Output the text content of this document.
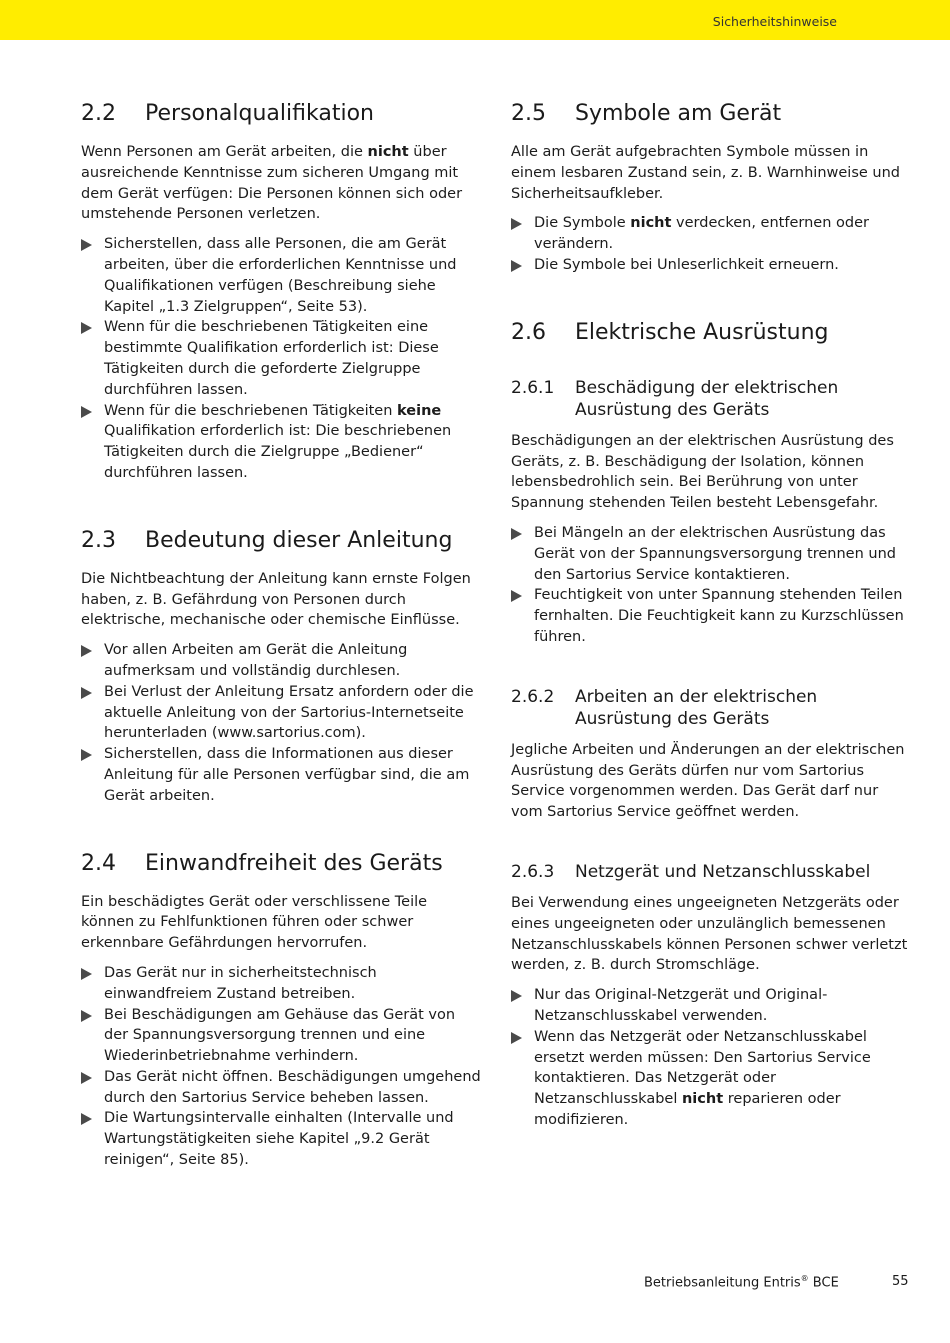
Sicherheitshinweise
2.2	Personalqualifikation

Wenn Personen am Gerät arbeiten, die nicht über ausreichende Kenntnisse zum sicheren Umgang mit dem Gerät verfügen: Die Personen können sich oder umstehende Personen verletzen.

Sicherstellen, dass alle Personen, die am Gerät arbeiten, über die erforderlichen Kenntnisse und Qualifikationen verfügen (Beschreibung siehe Kapitel „1.3 Zielgruppen“, Seite 53).
Wenn für die beschriebenen Tätigkeiten eine bestimmte Qualifikation erforderlich ist: Diese Tätigkeiten durch die geforderte Zielgruppe durchführen lassen.
Wenn für die beschriebenen Tätigkeiten keine Qualifikation erforderlich ist: Die beschriebenen Tätigkeiten durch die Zielgruppe „Bediener“ durchführen lassen.
2.3	Bedeutung dieser Anleitung

Die Nichtbeachtung der Anleitung kann ernste Folgen haben, z. B. Gefährdung von Personen durch elektrische, mechanische oder chemische Einflüsse.

Vor allen Arbeiten am Gerät die Anleitung aufmerksam und vollständig durchlesen.
Bei Verlust der Anleitung Ersatz anfordern oder die aktuelle Anleitung von der Sartorius-Internetseite herunterladen (www.sartorius.com).
Sicherstellen, dass die Informationen aus dieser Anleitung für alle Personen verfügbar sind, die am Gerät arbeiten.
2.4	Einwandfreiheit des Geräts

Ein beschädigtes Gerät oder verschlissene Teile können zu Fehlfunktionen führen oder schwer erkennbare Gefährdungen hervorrufen.

Das Gerät nur in sicherheitstechnisch einwandfreiem Zustand betreiben.
Bei Beschädigungen am Gehäuse das Gerät von der Spannungsversorgung trennen und eine Wiederinbetriebnahme verhindern.
Das Gerät nicht öffnen. Beschädigungen umgehend durch den Sartorius Service beheben lassen.
Die Wartungsintervalle einhalten (Intervalle und Wartungstätigkeiten siehe Kapitel „9.2 Gerät reinigen“, Seite 85).
2.5	Symbole am Gerät

Alle am Gerät aufgebrachten Symbole müssen in einem lesbaren Zustand sein, z. B. Warnhinweise und Sicherheitsaufkleber.

Die Symbole nicht verdecken, entfernen oder verändern.
Die Symbole bei Unleserlichkeit erneuern.
2.6	Elektrische Ausrüstung
2.6.1	Beschädigung der elektrischen Ausrüstung des Geräts

Beschädigungen an der elektrischen Ausrüstung des Geräts, z. B. Beschädigung der Isolation, können lebensbedrohlich sein. Bei Berührung von unter Spannung stehenden Teilen besteht Lebensgefahr.

Bei Mängeln an der elektrischen Ausrüstung das Gerät von der Spannungsversorgung trennen und den Sartorius Service kontaktieren.
Feuchtigkeit von unter Spannung stehenden Teilen fernhalten. Die Feuchtigkeit kann zu Kurzschlüssen führen.
2.6.2	Arbeiten an der elektrischen Ausrüstung des Geräts

Jegliche Arbeiten und Änderungen an der elektrischen Ausrüstung des Geräts dürfen nur vom Sartorius Service vorgenommen werden. Das Gerät darf nur vom Sartorius Service geöffnet werden.

2.6.3	Netzgerät und Netzanschlusskabel

Bei Verwendung eines ungeeigneten Netzgeräts oder eines ungeeigneten oder unzulänglich bemessenen Netzanschlusskabels können Personen schwer verletzt werden, z. B. durch Stromschläge.

Nur das Original-Netzgerät und Original-Netzanschlusskabel verwenden.
Wenn das Netzgerät oder Netzanschlusskabel ersetzt werden müssen: Den Sartorius Service kontaktieren. Das Netzgerät oder Netzanschlusskabel nicht reparieren oder modifizieren.
Betriebsanleitung Entris® BCE	55
